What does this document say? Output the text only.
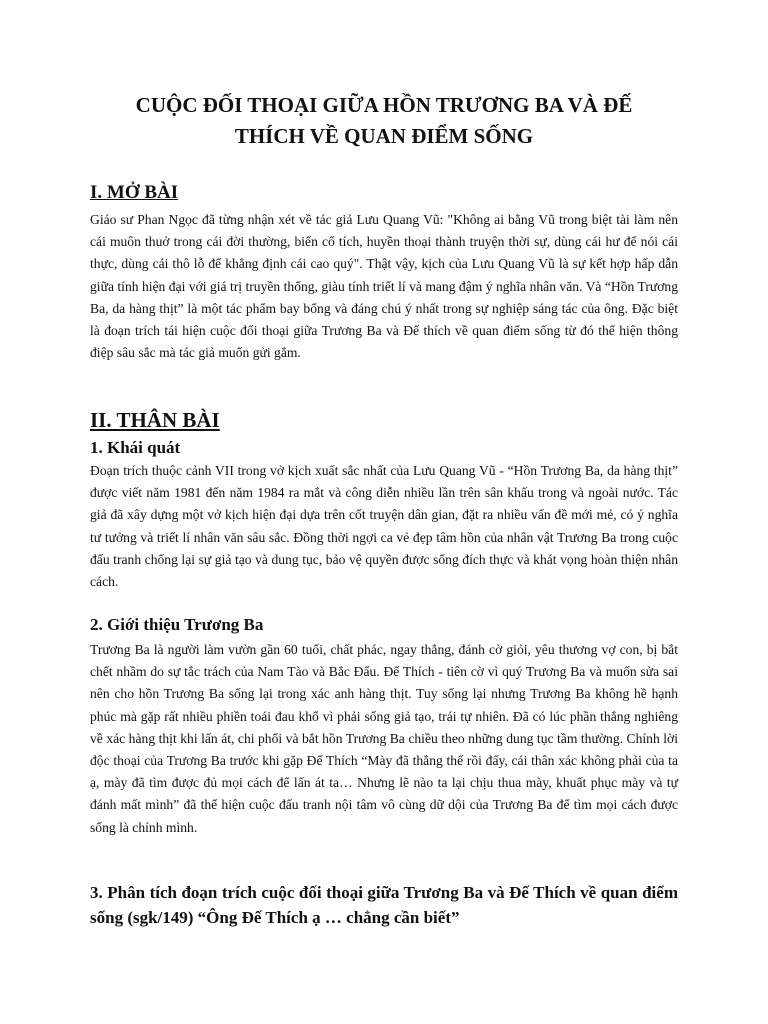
CUỘC ĐỐI THOẠI GIỮA HỒN TRƯƠNG BA VÀ ĐẾ
THÍCH VỀ QUAN ĐIỂM SỐNG
I. MỞ BÀI

Giáo sư Phan Ngọc đã từng nhận xét về tác giả Lưu Quang Vũ: "Không ai bằng Vũ trong biệt tài làm nên cái muôn thuở trong cái đời thường, biến cổ tích, huyền thoại thành truyện thời sự, dùng cái hư để nói cái thực, dùng cái thô lỗ để khẳng định cái cao quý". Thật vậy, kịch của Lưu Quang Vũ là sự kết hợp hấp dẫn giữa tính hiện đại với giá trị truyền thống, giàu tính triết lí và mang đậm ý nghĩa nhân văn. Và “Hồn Trương Ba, da hàng thịt” là một tác phẩm bay bổng và đáng chú ý nhất trong sự nghiệp sáng tác của ông. Đặc biệt là đoạn trích tái hiện cuộc đối thoại giữa Trương Ba và Đế thích về quan điểm sống từ đó thể hiện thông điệp sâu sắc mà tác giả muốn gửi gắm.

II. THÂN BÀI
1. Khái quát

Đoạn trích thuộc cảnh VII trong vở kịch xuất sắc nhất của Lưu Quang Vũ - “Hồn Trương Ba, da hàng thịt” được viết năm 1981 đến năm 1984 ra mắt và công diễn nhiều lần trên sân khấu trong và ngoài nước. Tác giả đã xây dựng một vở kịch hiện đại dựa trên cốt truyện dân gian, đặt ra nhiều vấn đề mới mẻ, có ý nghĩa tư tưởng và triết lí nhân văn sâu sắc. Đồng thời ngợi ca vẻ đẹp tâm hồn của nhân vật Trương Ba trong cuộc đấu tranh chống lại sự giả tạo và dung tục, bảo vệ quyền được sống đích thực và khát vọng hoàn thiện nhân cách.

2. Giới thiệu Trương Ba

Trương Ba là người làm vườn gần 60 tuổi, chất phác, ngay thẳng, đánh cờ giỏi, yêu thương vợ con, bị bắt chết nhầm do sự tắc trách của Nam Tào và Bắc Đẩu. Đế Thích - tiên cờ vì quý Trương Ba và muốn sửa sai nên cho hồn Trương Ba sống lại trong xác anh hàng thịt. Tuy sống lại nhưng Trương Ba không hề hạnh phúc mà gặp rất nhiều phiền toái đau khổ vì phải sống giả tạo, trái tự nhiên. Đã có lúc phần thắng nghiêng về xác hàng thịt khi lấn át, chi phối và bắt hồn Trương Ba chiều theo những dung tục tầm thường. Chính lời độc thoại của Trương Ba trước khi gặp Đế Thích “Mày đã thắng thế rồi đấy, cái thân xác không phải của ta ạ, mày đã tìm được đủ mọi cách để lấn át ta… Nhưng lẽ nào ta lại chịu thua mày, khuất phục mày và tự đánh mất mình” đã thể hiện cuộc đấu tranh nội tâm vô cùng dữ dội của Trương Ba để tìm mọi cách được sống là chính mình.

3. Phân tích đoạn trích cuộc đối thoại giữa Trương Ba và Đế Thích về quan điểm sống (sgk/149) “Ông Đế Thích ạ … chẳng cần biết”
